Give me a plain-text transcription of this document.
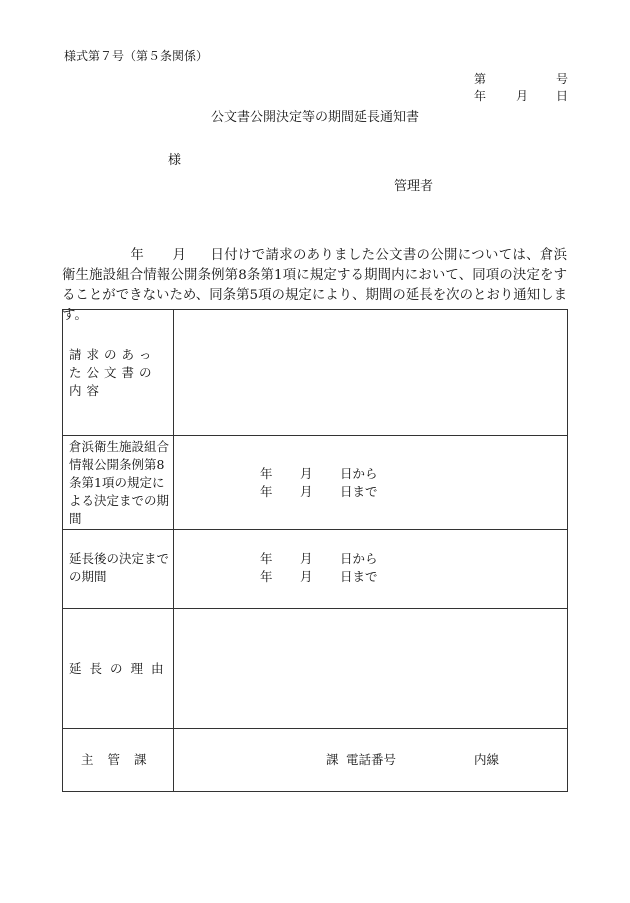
様式第７号（第５条関係）
第	号
年 月 日
公文書公開決定等の期間延長通知書
様
管理者
年 月 日付けで請求のありました公文書の公開については、倉浜衛生施設組合情報公開条例第8条第1項に規定する期間内において、同項の決定をすることができないため、同条第5項の規定により、期間の延長を次のとおり通知します。
請求のあった公文書の内容	
倉浜衛生施設組合情報公開条例第8条第1項の規定による決定までの期間	年 月 日から
年 月 日まで

延長後の決定までの期間	年 月 日から
年 月 日まで

延長の理由	
主管課	課 電話番号 内線
